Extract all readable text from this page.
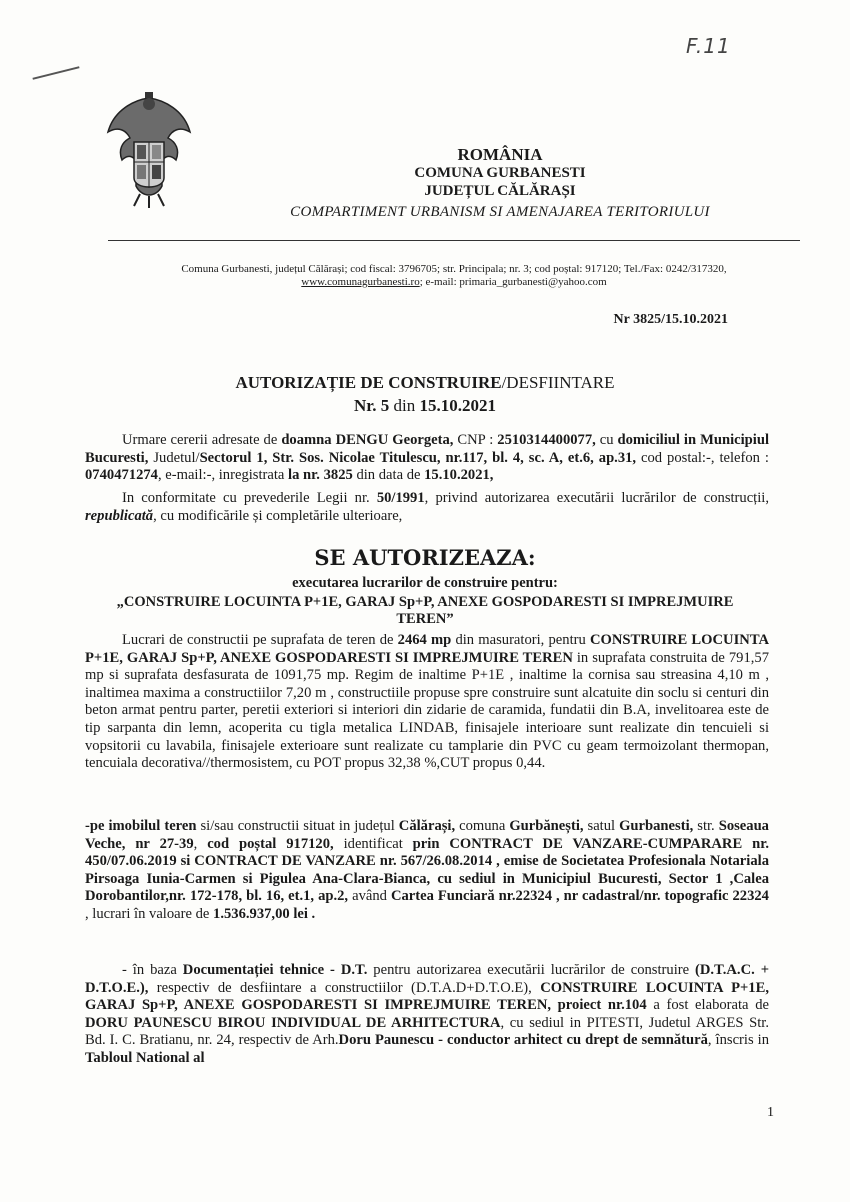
F.11
ROMÂNIA
COMUNA GURBANESTI
JUDEȚUL CĂLĂRAȘI
COMPARTIMENT URBANISM SI AMENAJAREA TERITORIULUI
Comuna Gurbanesti, județul Călărași; cod fiscal: 3796705; str. Principala; nr. 3; cod poștal: 917120; Tel./Fax: 0242/317320,
www.comunagurbanesti.ro; e-mail: primaria_gurbanesti@yahoo.com
Nr 3825/15.10.2021
AUTORIZAȚIE DE CONSTRUIRE/DESFIINTARE
Nr. 5 din 15.10.2021
Urmare cererii adresate de doamna DENGU Georgeta, CNP : 2510314400077, cu domiciliul in Municipiul Bucuresti, Judetul/Sectorul 1, Str. Sos. Nicolae Titulescu, nr.117, bl. 4, sc. A, et.6, ap.31, cod postal:-, telefon : 0740471274, e-mail:-, inregistrata la nr. 3825 din data de 15.10.2021,
In conformitate cu prevederile Legii nr. 50/1991, privind autorizarea executării lucrărilor de construcții, republicată, cu modificările și completările ulterioare,
SE AUTORIZEAZA:
executarea lucrarilor de construire pentru:
„CONSTRUIRE LOCUINTA P+1E, GARAJ Sp+P, ANEXE GOSPODARESTI SI IMPREJMUIRE TEREN”
Lucrari de constructii pe suprafata de teren de 2464 mp din masuratori, pentru CONSTRUIRE LOCUINTA P+1E, GARAJ Sp+P, ANEXE GOSPODARESTI SI IMPREJMUIRE TEREN in suprafata construita de 791,57 mp si suprafata desfasurata de 1091,75 mp. Regim de inaltime P+1E , inaltime la cornisa sau streasina 4,10 m , inaltimea maxima a constructiilor 7,20 m , constructiile propuse spre construire sunt alcatuite din soclu si centuri din beton armat pentru parter, peretii exteriori si interiori din zidarie de caramida, fundatii din B.A, invelitoarea este de tip sarpanta din lemn, acoperita cu tigla metalica LINDAB, finisajele interioare sunt realizate din tencuieli si vopsitorii cu lavabila, finisajele exterioare sunt realizate cu tamplarie din PVC cu geam termoizolant thermopan, tencuiala decorativa//thermosistem, cu POT propus 32,38 %,CUT propus 0,44.
-pe imobilul teren si/sau constructii situat in județul Călărași, comuna Gurbănești, satul Gurbanesti, str. Soseaua Veche, nr 27-39, cod poștal 917120, identificat prin CONTRACT DE VANZARE-CUMPARARE nr. 450/07.06.2019 si CONTRACT DE VANZARE nr. 567/26.08.2014 , emise de Societatea Profesionala Notariala Pirsoaga Iunia-Carmen si Pigulea Ana-Clara-Bianca, cu sediul in Municipiul Bucuresti, Sector 1 ,Calea Dorobantilor,nr. 172-178, bl. 16, et.1, ap.2, având Cartea Funciară nr.22324 , nr cadastral/nr. topografic 22324 , lucrari în valoare de 1.536.937,00 lei .
- în baza Documentației tehnice - D.T. pentru autorizarea executării lucrărilor de construire (D.T.A.C. + D.T.O.E.), respectiv de desfiintare a constructiilor (D.T.A.D+D.T.O.E), CONSTRUIRE LOCUINTA P+1E, GARAJ Sp+P, ANEXE GOSPODARESTI SI IMPREJMUIRE TEREN, proiect nr.104 a fost elaborata de DORU PAUNESCU BIROU INDIVIDUAL DE ARHITECTURA, cu sediul in PITESTI, Judetul ARGES Str. Bd. I. C. Bratianu, nr. 24, respectiv de Arh.Doru Paunescu - conductor arhitect cu drept de semnătură, înscris in Tabloul National al
1
